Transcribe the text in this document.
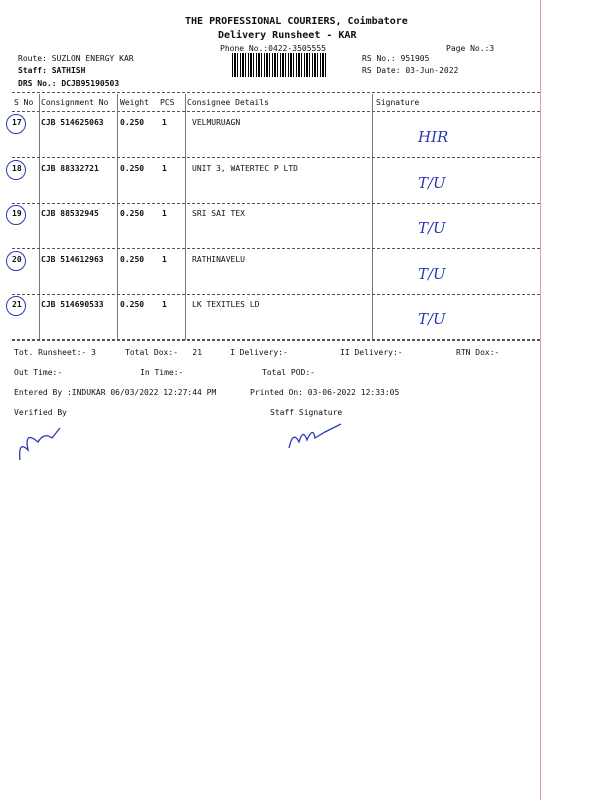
THE PROFESSIONAL COURIERS, Coimbatore
Delivery Runsheet - KAR
Phone No.:0422-3505555	Page No.:3
Route: SUZLON ENERGY KAR
Staff: SATHISH
DRS No.: DCJB95190503
RS No.: 951905
RS Date: 03-Jun-2022
S No Consignment No Weight PCS Consignee Details	Signature
17 CJB 514625063 0.250 1	VELMURUAGN
HIR
18 CJB 88332721	0.250 1	UNIT 3, WATERTEC P LTD
T/U
19 CJB 88532945	0.250 1	SRI SAI TEX
T/U
20 CJB 514612963 0.250 1	RATHINAVELU
T/U
21 CJB 514690533 0.250 1	LK TEXITLES LD
T/U
Tot. Runsheet:- 3	Total Dox:-   21	I Delivery:-	II Delivery:-	RTN Dox:-
Out Time:-	In Time:-	Total POD:-
Entered By :INDUKAR 06/03/2022 12:27:44 PM	Printed On: 03-06-2022 12:33:05
Verified By	Staff Signature
